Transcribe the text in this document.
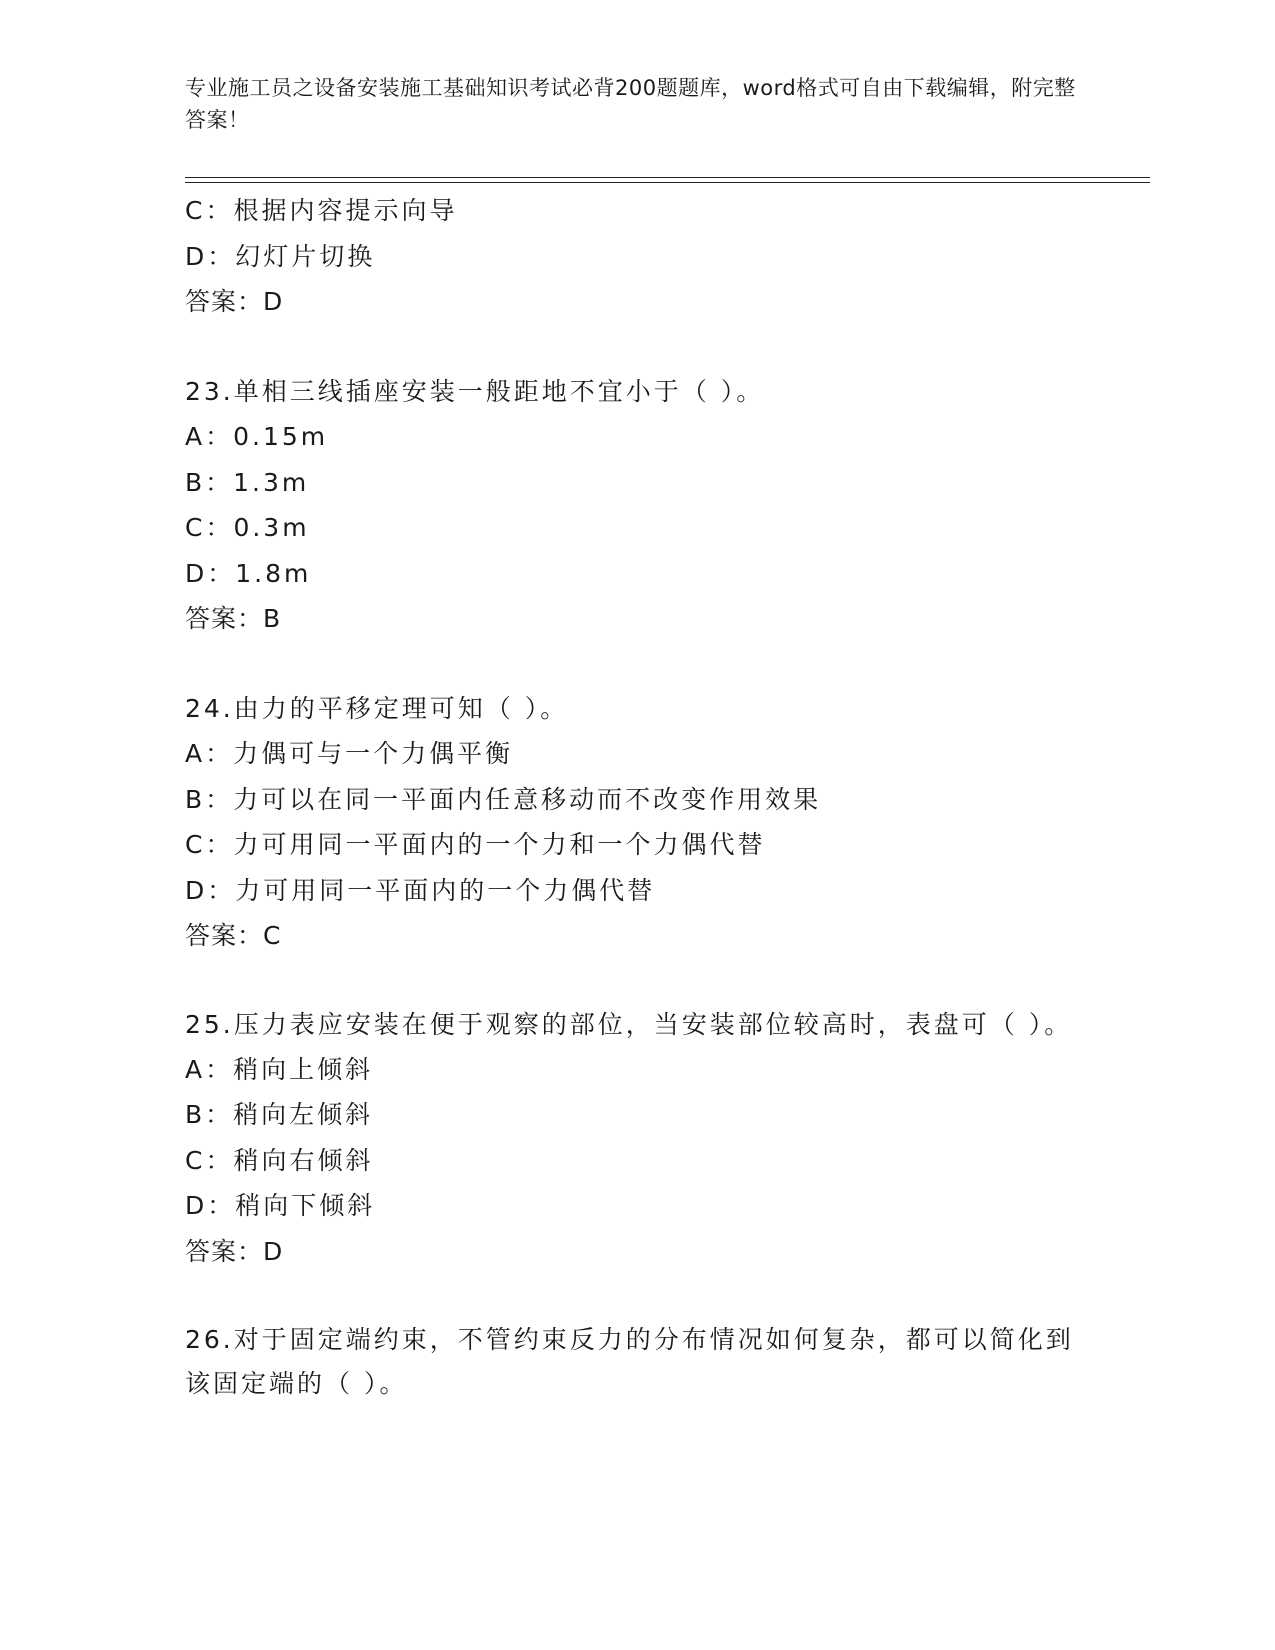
专业施工员之设备安装施工基础知识考试必背200题题库，word格式可自由下载编辑，附完整答案！
C：根据内容提示向导
D：幻灯片切换
答案：D
23.单相三线插座安装一般距地不宜小于（ ）。
A：0.15m
B：1.3m
C：0.3m
D：1.8m
答案：B
24.由力的平移定理可知（ ）。
A：力偶可与一个力偶平衡
B：力可以在同一平面内任意移动而不改变作用效果
C：力可用同一平面内的一个力和一个力偶代替
D：力可用同一平面内的一个力偶代替
答案：C
25.压力表应安装在便于观察的部位，当安装部位较高时，表盘可（ ）。
A：稍向上倾斜
B：稍向左倾斜
C：稍向右倾斜
D：稍向下倾斜
答案：D
26.对于固定端约束，不管约束反力的分布情况如何复杂，都可以简化到该固定端的（ ）。
